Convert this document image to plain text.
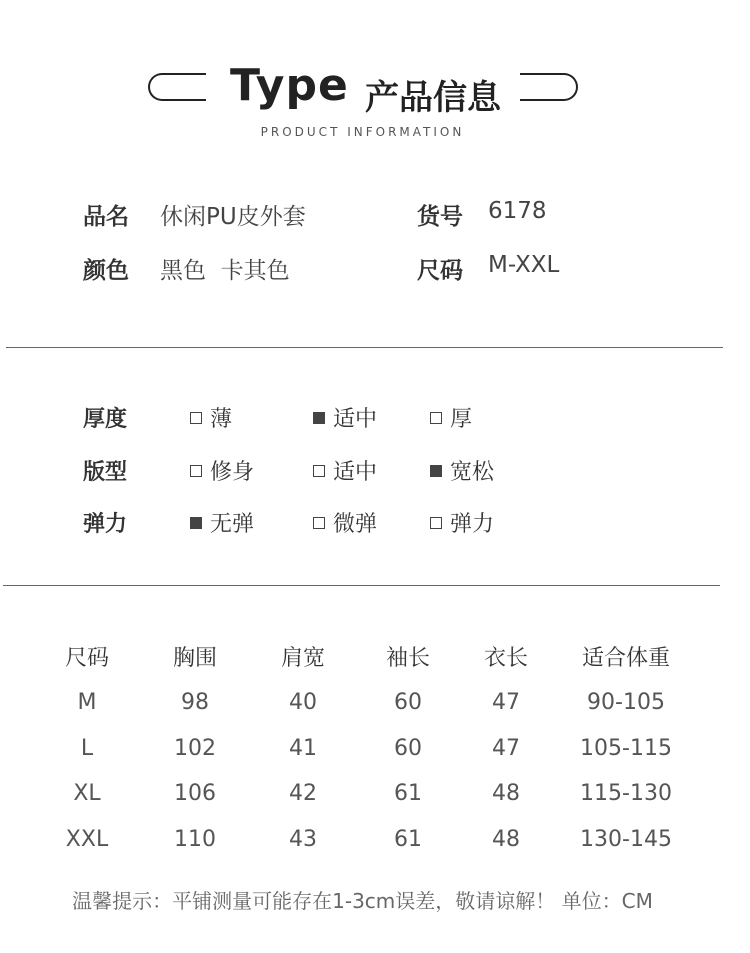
Type 产品信息
PRODUCT INFORMATION
品名 休闲PU皮外套	货号 6178
颜色 黑色  卡其色	尺码 M-XXL
厚度	薄	适中	厚
版型	修身	适中	宽松
弹力	无弹	微弹	弹力
尺码	胸围	肩宽	袖长	衣长	适合体重
M	98	40	60	47	90-105
L	102	41	60	47	105-115
XL	106	42	61	48	115-130
XXL	110	43	61	48	130-145
温馨提示：平铺测量可能存在1-3cm误差，敬请谅解！ 单位：CM
